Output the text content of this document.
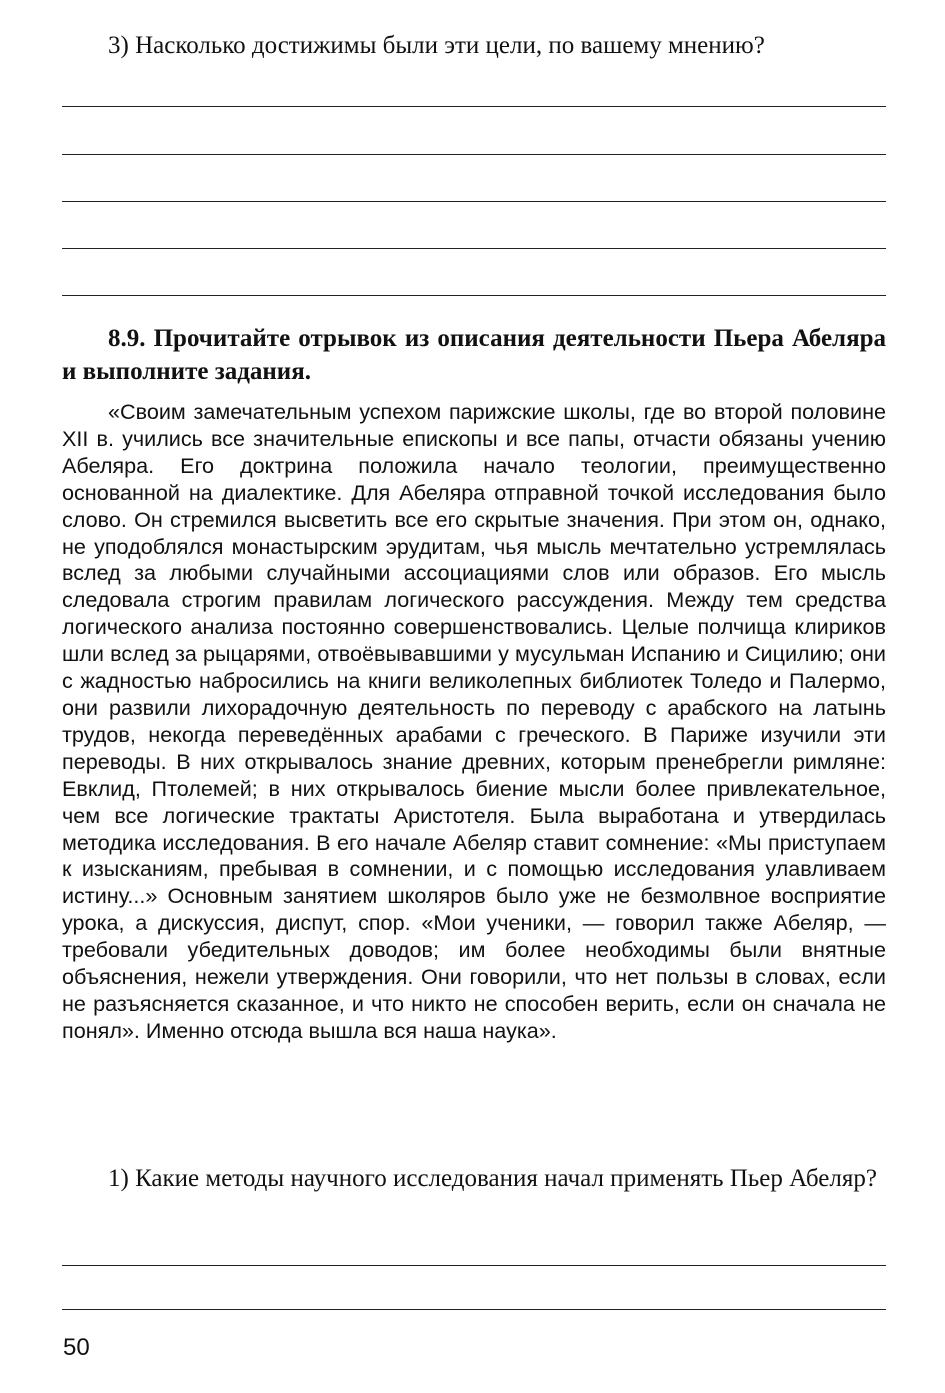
3) Насколько достижимы были эти цели, по вашему мнению?

8.9. Прочитайте отрывок из описания деятельности Пьера Абеляра и выполните задания.

«Своим замечательным успехом парижские школы, где во второй половине XII в. учились все значительные епископы и все папы, отчасти обязаны учению Абеляра. Его доктрина положила начало теологии, преимущественно основанной на диалектике. Для Абеляра отправной точкой исследования было слово. Он стремился высветить все его скрытые значения. При этом он, однако, не уподоблялся монастырским эрудитам, чья мысль мечтательно устремлялась вслед за любыми случайными ассоциациями слов или образов. Его мысль следовала строгим правилам логического рассуждения. Между тем средства логического анализа постоянно совершенствовались. Целые полчища клириков шли вслед за рыцарями, отвоёвывавшими у мусульман Испанию и Сицилию; они с жадностью набросились на книги великолепных библиотек Толедо и Палермо, они развили лихорадочную деятельность по переводу с арабского на латынь трудов, некогда переведённых арабами с греческого. В Париже изучили эти переводы. В них открывалось знание древних, которым пренебрегли римляне: Евклид, Птолемей; в них открывалось биение мысли более привлекательное, чем все логические трактаты Аристотеля. Была выработана и утвердилась методика исследования. В его начале Абеляр ставит сомнение: «Мы приступаем к изысканиям, пребывая в сомнении, и с помощью исследования улавливаем истину...» Основным занятием школяров было уже не безмолвное восприятие урока, а дискуссия, диспут, спор. «Мои ученики, — говорил также Абеляр, — требовали убедительных доводов; им более необходимы были внятные объяснения, нежели утверждения. Они говорили, что нет пользы в словах, если не разъясняется сказанное, и что никто не способен верить, если он сначала не понял». Именно отсюда вышла вся наша наука».

1) Какие методы научного исследования начал применять Пьер Абеляр?

50
